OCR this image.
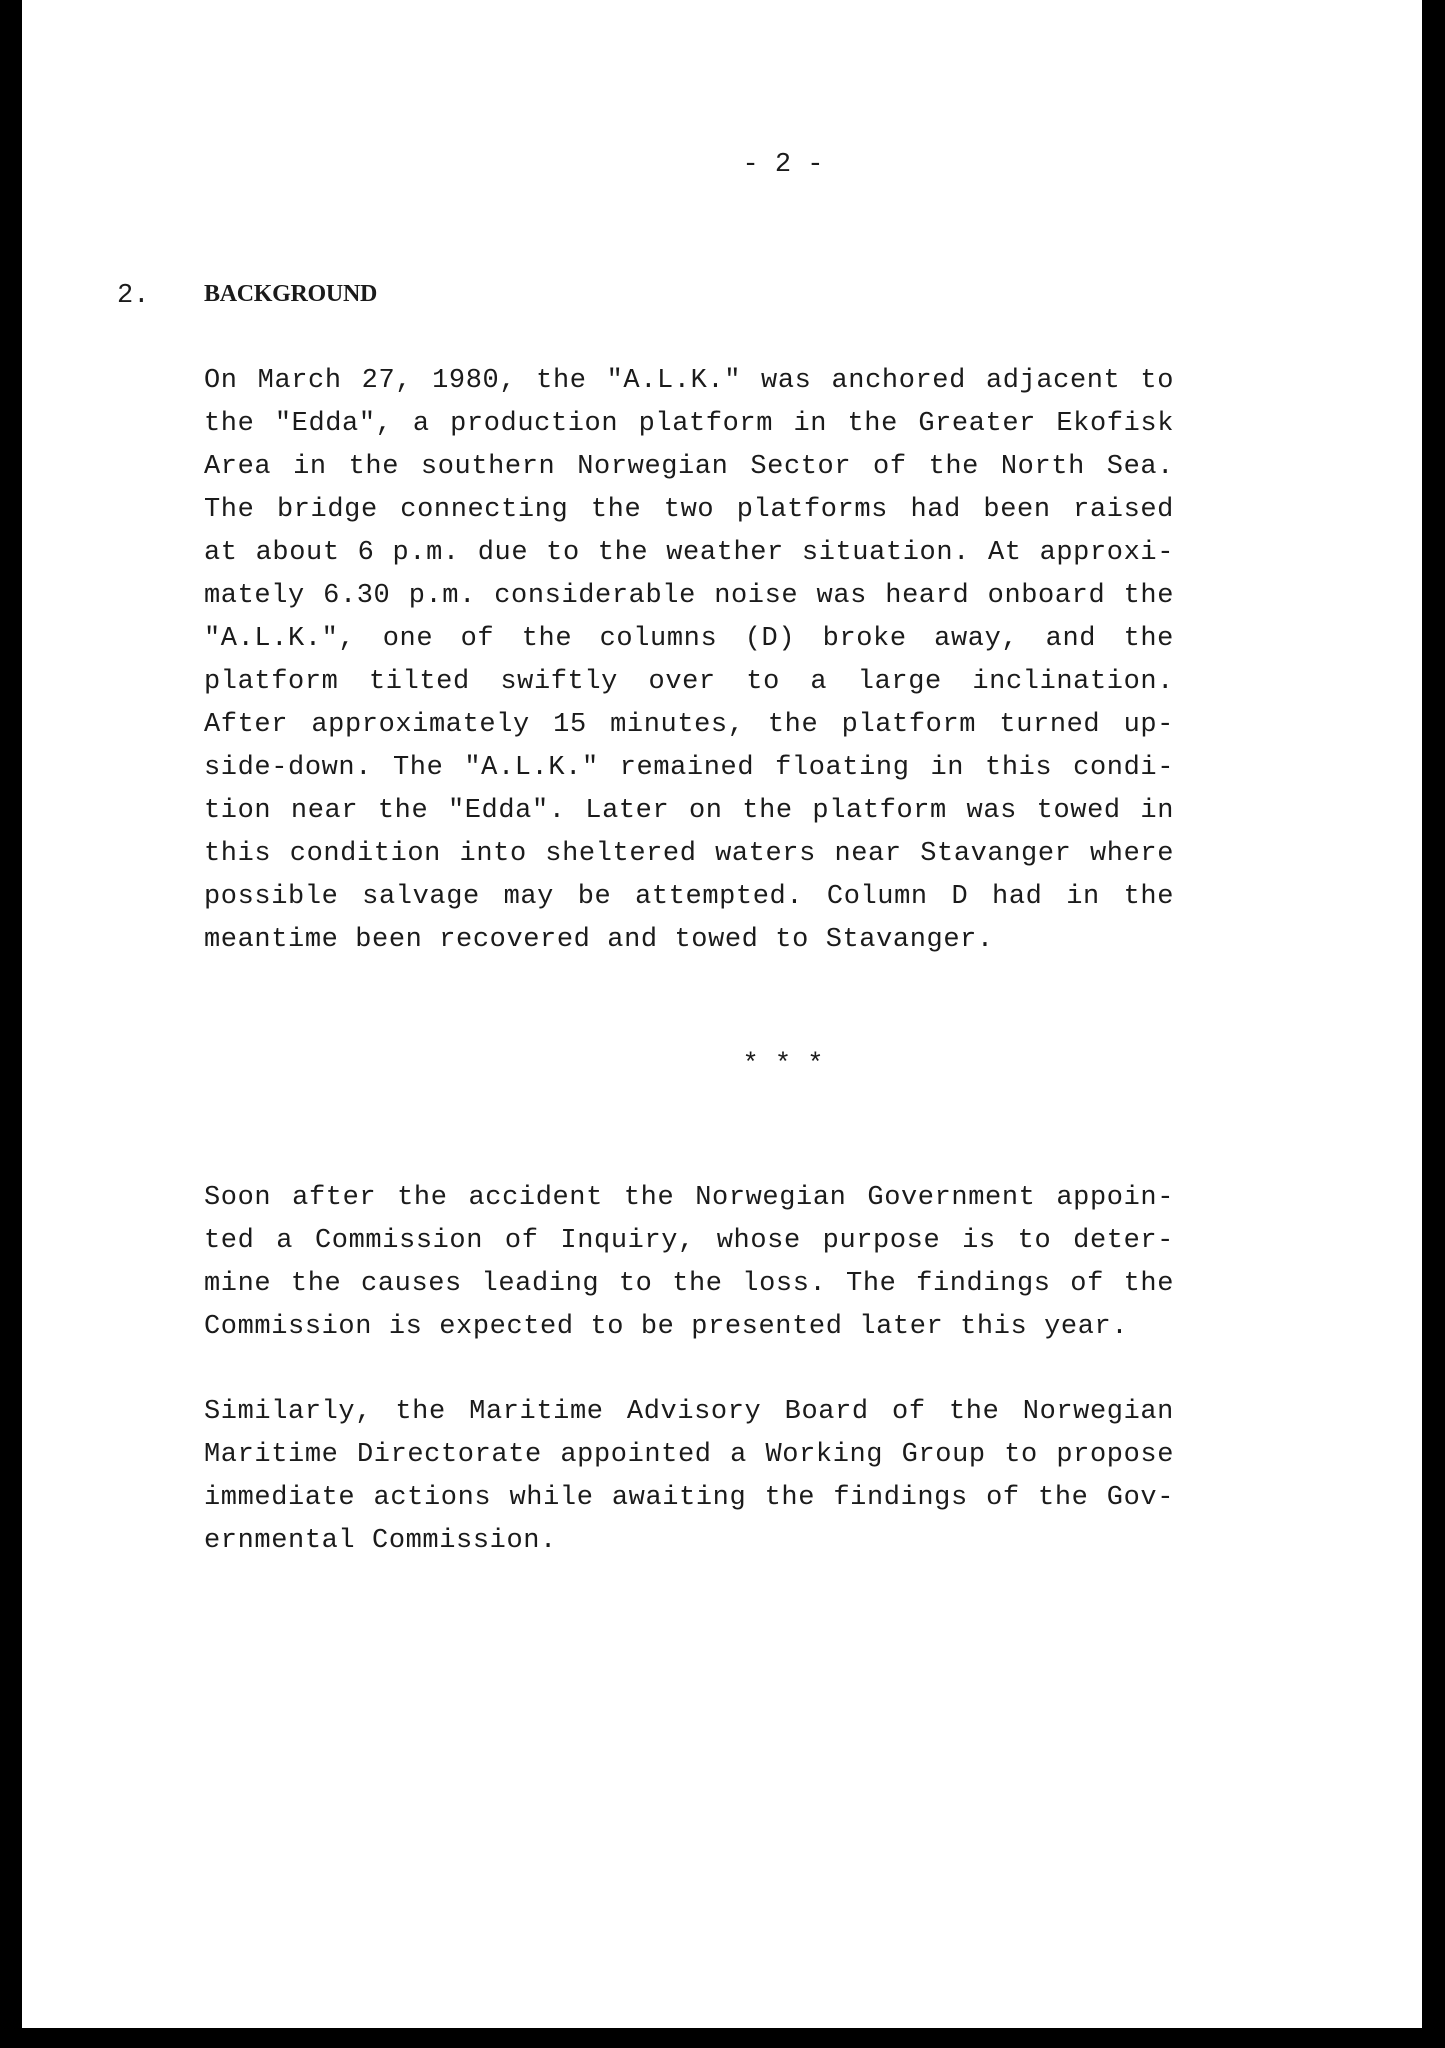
- 2 -
2. BACKGROUND

On March 27, 1980, the "A.L.K." was anchored adjacent to
the "Edda", a production platform in the Greater Ekofisk
Area in the southern Norwegian Sector of the North Sea.
The bridge connecting the two platforms had been raised
at about 6 p.m. due to the weather situation. At approxi-
mately 6.30 p.m. considerable noise was heard onboard the
"A.L.K.", one of the columns (D) broke away, and the
platform tilted swiftly over to a large inclination.
After approximately 15 minutes, the platform turned up-
side-down. The "A.L.K." remained floating in this condi-
tion near the "Edda". Later on the platform was towed in
this condition into sheltered waters near Stavanger where
possible salvage may be attempted. Column D had in the
meantime been recovered and towed to Stavanger.

* * *

Soon after the accident the Norwegian Government appoin-
ted a Commission of Inquiry, whose purpose is to deter-
mine the causes leading to the loss. The findings of the
Commission is expected to be presented later this year.

Similarly, the Maritime Advisory Board of the Norwegian
Maritime Directorate appointed a Working Group to propose
immediate actions while awaiting the findings of the Gov-
ernmental Commission.
